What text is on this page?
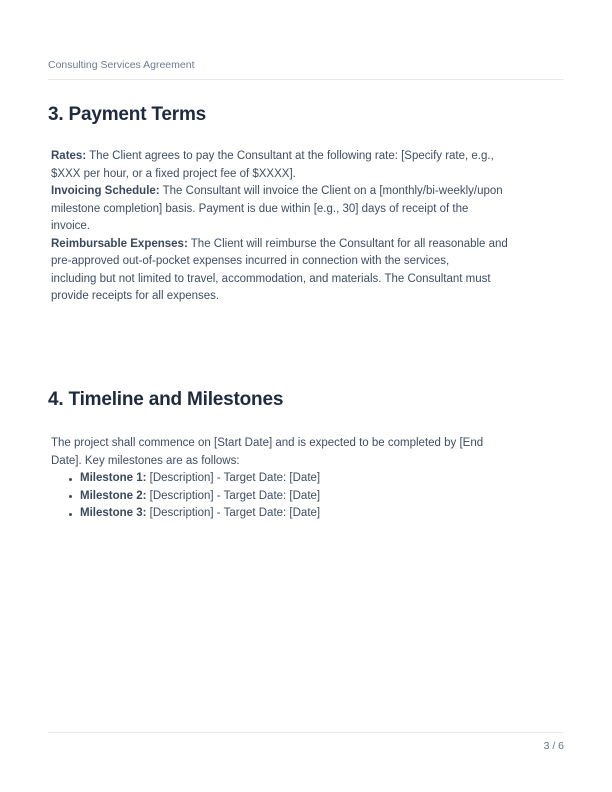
Consulting Services Agreement
3. Payment Terms
Rates: The Client agrees to pay the Consultant at the following rate: [Specify rate, e.g.,
$XXX per hour, or a fixed project fee of $XXXX].
Invoicing Schedule: The Consultant will invoice the Client on a [monthly/bi-weekly/upon
milestone completion] basis. Payment is due within [e.g., 30] days of receipt of the
invoice.
Reimbursable Expenses: The Client will reimburse the Consultant for all reasonable and
pre-approved out-of-pocket expenses incurred in connection with the services,
including but not limited to travel, accommodation, and materials. The Consultant must
provide receipts for all expenses.
4. Timeline and Milestones
The project shall commence on [Start Date] and is expected to be completed by [End
Date]. Key milestones are as follows:
Milestone 1: [Description] - Target Date: [Date]
Milestone 2: [Description] - Target Date: [Date]
Milestone 3: [Description] - Target Date: [Date]
3 / 6
